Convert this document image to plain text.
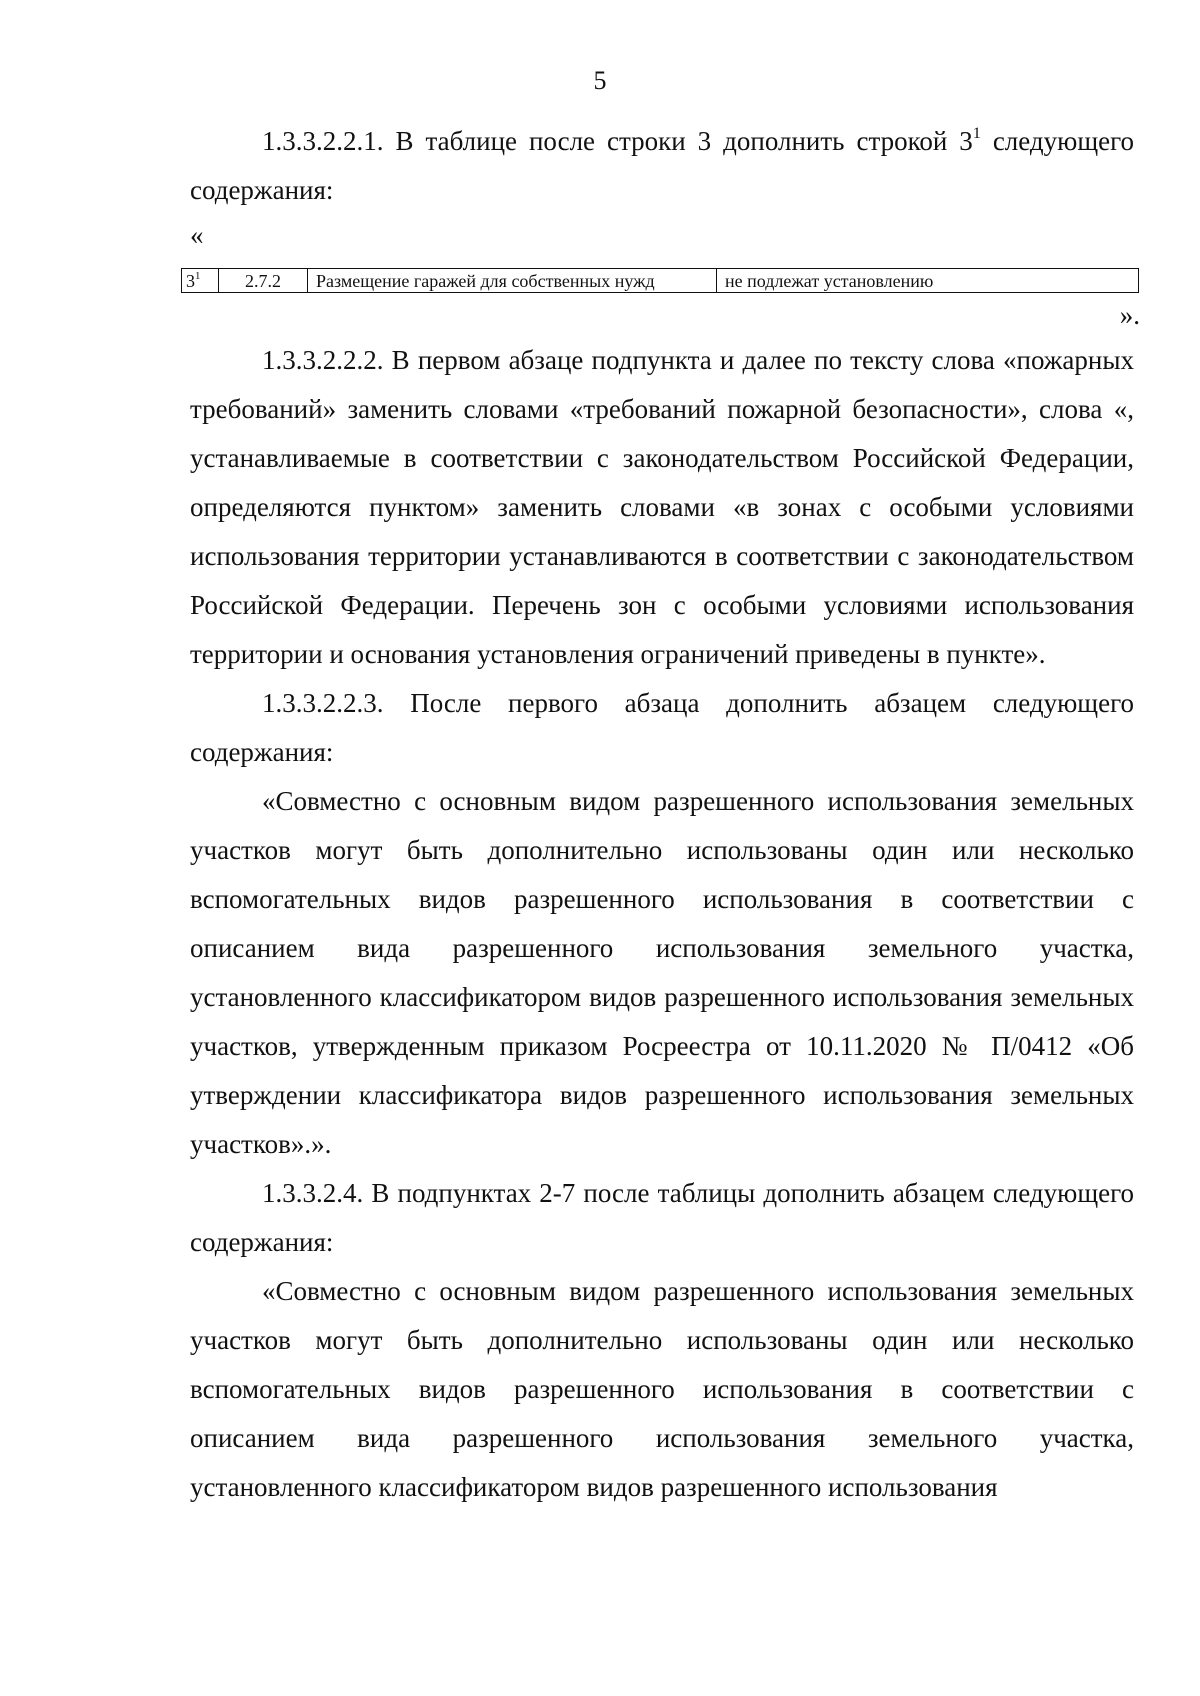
5

1.3.3.2.2.1. В таблице после строки 3 дополнить строкой $3^1$ следующего содержания:

«
$3^1$	2.7.2	Размещение гаражей для собственных нужд	не подлежат установлению
».

1.3.3.2.2.2. В первом абзаце подпункта и далее по тексту слова «пожарных требований» заменить словами «требований пожарной безопасности», слова «, устанавливаемые в соответствии с законодательством Российской Федерации, определяются пунктом» заменить словами «в зонах с особыми условиями использования территории устанавливаются в соответствии с законодательством Российской Федерации. Перечень зон с особыми условиями использования территории и основания установления ограничений приведены в пункте».

1.3.3.2.2.3. После первого абзаца дополнить абзацем следующего содержания:

«Совместно с основным видом разрешенного использования земельных участков могут быть дополнительно использованы один или несколько вспомогательных видов разрешенного использования в соответствии с описанием вида разрешенного использования земельного участка, установленного классификатором видов разрешенного использования земельных участков, утвержденным приказом Росреестра от 10.11.2020 № П/0412 «Об утверждении классификатора видов разрешенного использования земельных участков».».

1.3.3.2.4. В подпунктах 2-7 после таблицы дополнить абзацем следующего содержания:

«Совместно с основным видом разрешенного использования земельных участков могут быть дополнительно использованы один или несколько вспомогательных видов разрешенного использования в соответствии с описанием вида разрешенного использования земельного участка, установленного классификатором видов разрешенного использования
